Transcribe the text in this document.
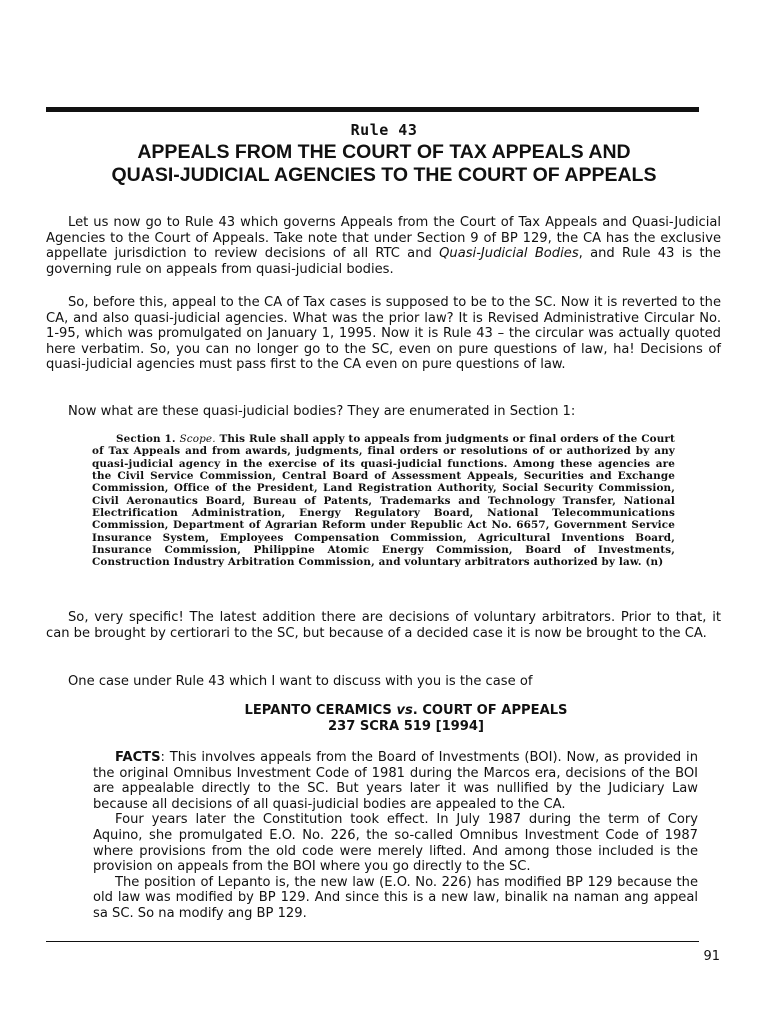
Rule 43
APPEALS FROM THE COURT OF TAX APPEALS AND
QUASI-JUDICIAL AGENCIES TO THE COURT OF APPEALS

Let us now go to Rule 43 which governs Appeals from the Court of Tax Appeals and Quasi-Judicial Agencies to the Court of Appeals. Take note that under Section 9 of BP 129, the CA has the exclusive appellate jurisdiction to review decisions of all RTC and Quasi-Judicial Bodies, and Rule 43 is the governing rule on appeals from quasi-judicial bodies.

So, before this, appeal to the CA of Tax cases is supposed to be to the SC. Now it is reverted to the CA, and also quasi-judicial agencies. What was the prior law? It is Revised Administrative Circular No. 1-95, which was promulgated on January 1, 1995. Now it is Rule 43 – the circular was actually quoted here verbatim. So, you can no longer go to the SC, even on pure questions of law, ha! Decisions of quasi-judicial agencies must pass first to the CA even on pure questions of law.

Now what are these quasi-judicial bodies? They are enumerated in Section 1:

Section 1. Scope. This Rule shall apply to appeals from judgments or final orders of the Court of Tax Appeals and from awards, judgments, final orders or resolutions of or authorized by any quasi-judicial agency in the exercise of its quasi-judicial functions. Among these agencies are the Civil Service Commission, Central Board of Assessment Appeals, Securities and Exchange Commission, Office of the President, Land Registration Authority, Social Security Commission, Civil Aeronautics Board, Bureau of Patents, Trademarks and Technology Transfer, National Electrification Administration, Energy Regulatory Board, National Telecommunications Commission, Department of Agrarian Reform under Republic Act No. 6657, Government Service Insurance System, Employees Compensation Commission, Agricultural Inventions Board, Insurance Commission, Philippine Atomic Energy Commission, Board of Investments, Construction Industry Arbitration Commission, and voluntary arbitrators authorized by law. (n)

So, very specific! The latest addition there are decisions of voluntary arbitrators. Prior to that, it can be brought by certiorari to the SC, but because of a decided case it is now be brought to the CA.

One case under Rule 43 which I want to discuss with you is the case of

LEPANTO CERAMICS vs. COURT OF APPEALS
237 SCRA 519 [1994]

FACTS: This involves appeals from the Board of Investments (BOI). Now, as provided in the original Omnibus Investment Code of 1981 during the Marcos era, decisions of the BOI are appealable directly to the SC. But years later it was nullified by the Judiciary Law because all decisions of all quasi-judicial bodies are appealed to the CA.

Four years later the Constitution took effect. In July 1987 during the term of Cory Aquino, she promulgated E.O. No. 226, the so-called Omnibus Investment Code of 1987 where provisions from the old code were merely lifted. And among those included is the provision on appeals from the BOI where you go directly to the SC.

The position of Lepanto is, the new law (E.O. No. 226) has modified BP 129 because the old law was modified by BP 129. And since this is a new law, binalik na naman ang appeal sa SC. So na modify ang BP 129.

91
